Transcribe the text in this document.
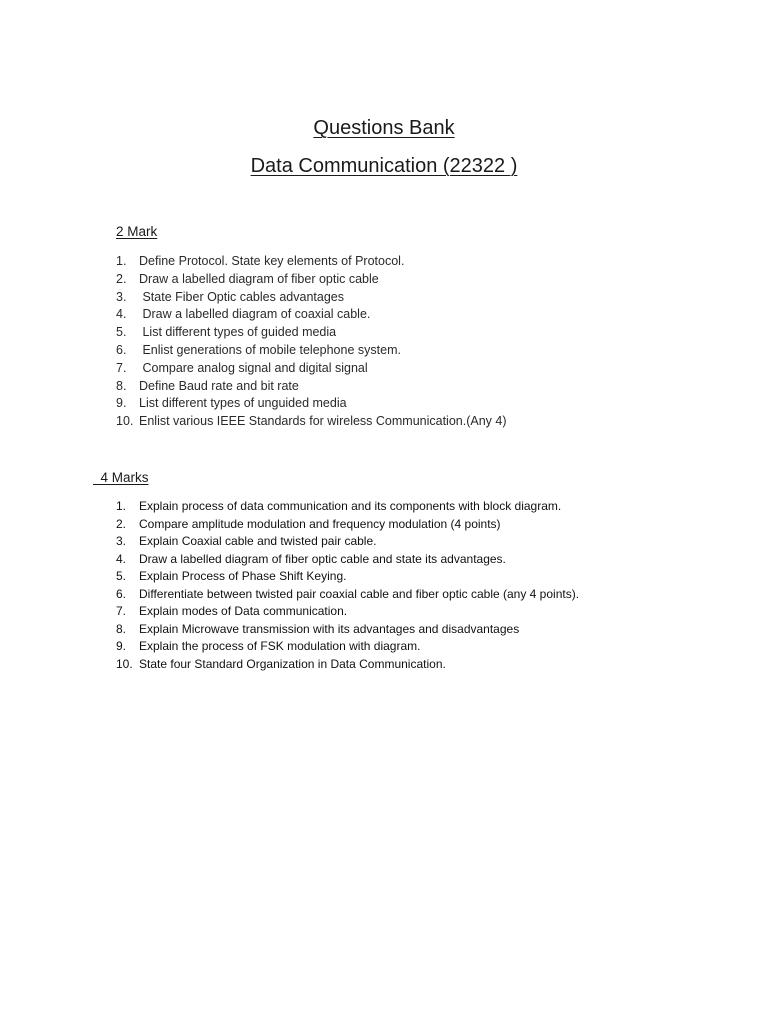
Questions Bank
Data Communication (22322 )
2 Mark
1.	Define Protocol. State key elements of Protocol.
2.	Draw a labelled diagram of fiber optic cable
3.	State Fiber Optic cables advantages
4.	Draw a labelled diagram of coaxial cable.
5.	List different types of guided media
6.	Enlist generations of mobile telephone system.
7.	Compare analog signal and digital signal
8.	Define Baud rate and bit rate
9.	List different types of unguided media
10. Enlist various IEEE Standards for wireless Communication.(Any 4)
4 Marks
1.	Explain process of data communication and its components with block diagram.
2.	Compare amplitude modulation and frequency modulation (4 points)
3.	Explain Coaxial cable and twisted pair cable.
4.	Draw a labelled diagram of fiber optic cable and state its advantages.
5.	Explain Process of Phase Shift Keying.
6.	Differentiate between twisted pair coaxial cable and fiber optic cable (any 4 points).
7.	Explain modes of Data communication.
8.	Explain Microwave transmission with its advantages and disadvantages
9.	Explain the process of FSK modulation with diagram.
10. State four Standard Organization in Data Communication.
